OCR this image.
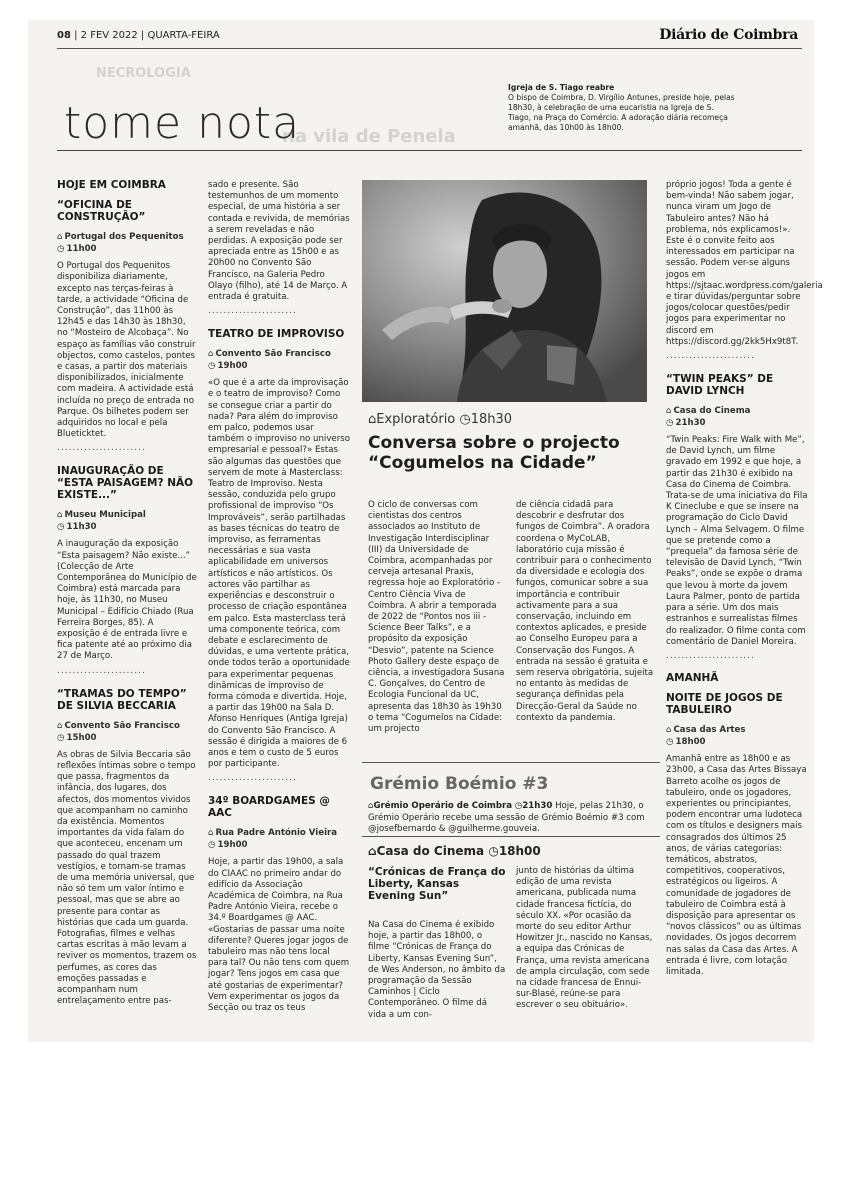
08 | 2 FEV 2022 | QUARTA-FEIRA	Diário de Coimbra
NECROLOGIA
na vila de Penela
tome nota
Igreja de S. Tiago reabre
O bispo de Coimbra, D. Virgílio Antunes, preside hoje, pelas 18h30, à celebração de uma eucaristia na Igreja de S. Tiago, na Praça do Comércio. A adoração diária recomeça amanhã, das 10h00 às 18h00.
HOJE EM COIMBRA
“OFICINA DE CONSTRUÇÃO”
⌂ Portugal dos Pequenitos
◷ 11h00
O Portugal dos Pequenitos disponibiliza diariamente, excepto nas terças-feiras à tarde, a actividade “Oficina de Construção”, das 11h00 às 12h45 e das 14h30 às 18h30, no “Mosteiro de Alcobaça”. No espaço as famílias vão construir objectos, como castelos, pontes e casas, a partir dos materiais disponibilizados, inicialmente com madeira. A actividade está incluída no preço de entrada no Parque. Os bilhetes podem ser adquiridos no local e pela Blueticktet.
.......................
INAUGURAÇÃO DE “ESTA PAISAGEM? NÃO EXISTE...”
⌂ Museu Municipal
◷ 11h30
A inauguração da exposição “Esta paisagem? Não existe...” (Colecção de Arte Contemporânea do Município de Coimbra) está marcada para hoje, às 11h30, no Museu Municipal – Edifício Chiado (Rua Ferreira Borges, 85). A exposição é de entrada livre e fica patente até ao próximo dia 27 de Março.
.......................
“TRAMAS DO TEMPO” DE SILVIA BECCARIA
⌂ Convento São Francisco
◷ 15h00
As obras de Silvia Beccaria são reflexões íntimas sobre o tempo que passa, fragmentos da infância, dos lugares, dos afectos, dos momentos vividos que acompanham no caminho da existência. Momentos importantes da vida falam do que aconteceu, encenam um passado do qual trazem vestígios, e tornam-se tramas de uma memória universal, que não só tem um valor íntimo e pessoal, mas que se abre ao presente para contar as histórias que cada um guarda. Fotografias, filmes e velhas cartas escritas à mão levam a reviver os momentos, trazem os perfumes, as cores das emoções passadas e acompanham num entrelaçamento entre pas-
sado e presente. São testemunhos de um momento especial, de uma história a ser contada e revivida, de memórias a serem reveladas e não perdidas. A exposição pode ser apreciada entre as 15h00 e as 20h00 no Convento São Francisco, na Galeria Pedro Olayo (filho), até 14 de Março. A entrada é gratuita.
.......................
TEATRO DE IMPROVISO
⌂ Convento São Francisco
◷ 19h00
«O que é a arte da improvisação e o teatro de improviso? Como se consegue criar a partir do nada? Para além do improviso em palco, podemos usar também o improviso no universo empresarial e pessoal?» Estas são algumas das questões que servem de mote à Masterclass: Teatro de Improviso. Nesta sessão, conduzida pelo grupo profissional de improviso “Os Improváveis”, serão partilhadas as bases técnicas do teatro de improviso, as ferramentas necessárias e sua vasta aplicabilidade em universos artísticos e não artísticos. Os actores vão partilhar as experiências e desconstruir o processo de criação espontânea em palco. Esta masterclass terá uma componente teórica, com debate e esclarecimento de dúvidas, e uma vertente prática, onde todos terão a oportunidade para experimentar pequenas dinâmicas de improviso de forma cómoda e divertida. Hoje, a partir das 19h00 na Sala D. Afonso Henriques (Antiga Igreja) do Convento São Francisco. A sessão é dirigida a maiores de 6 anos e tem o custo de 5 euros por participante.
.......................
34º BOARDGAMES @ AAC
⌂ Rua Padre António Vieira
◷ 19h00
Hoje, a partir das 19h00, a sala do CIAAC no primeiro andar do edifício da Associação Académica de Coimbra, na Rua Padre António Vieira, recebe o 34.º Boardgames @ AAC. «Gostarias de passar uma noite diferente? Queres jogar jogos de tabuleiro mas não tens local para tal? Ou não tens com quem jogar? Tens jogos em casa que até gostarias de experimentar? Vem experimentar os jogos da Secção ou traz os teus
⌂Exploratório ◷18h30
Conversa sobre o projecto “Cogumelos na Cidade”
O ciclo de conversas com cientistas dos centros associados ao Instituto de Investigação Interdisciplinar (III) da Universidade de Coimbra, acompanhadas por cerveja artesanal Praxis, regressa hoje ao Exploratório - Centro Ciência Viva de Coimbra. A abrir a temporada de 2022 de “Pontos nos iii - Science Beer Talks”, e a propósito da exposição “Desvio”, patente na Science Photo Gallery deste espaço de ciência, a investigadora Susana C. Gonçalves, do Centro de Ecologia Funcional da UC, apresenta das 18h30 às 19h30 o tema “Cogumelos na Cidade: um projecto
de ciência cidadã para descobrir e desfrutar dos fungos de Coimbra”. A oradora coordena o MyCoLAB, laboratório cuja missão é contribuir para o conhecimento da diversidade e ecologia dos fungos, comunicar sobre a sua importância e contribuir activamente para a sua conservação, incluindo em contextos aplicados, e preside ao Conselho Europeu para a Conservação dos Fungos. A entrada na sessão é gratuita e sem reserva obrigatória, sujeita no entanto às medidas de segurança definidas pela Direcção-Geral da Saúde no contexto da pandemia.
Grémio Boémio #3
⌂Grémio Operário de Coimbra ◷21h30 Hoje, pelas 21h30, o Grémio Operário recebe uma sessão de Grémio Boémio #3 com @josefbernardo & @guilherme.gouveia.
⌂Casa do Cinema ◷18h00
“Crónicas de França do Liberty, Kansas Evening Sun”
Na Casa do Cinema é exibido hoje, a partir das 18h00, o filme “Crónicas de França do Liberty, Kansas Evening Sun”, de Wes Anderson, no âmbito da programação da Sessão Caminhos | Ciclo Contemporâneo. O filme dá vida a um con-
junto de histórias da última edição de uma revista americana, publicada numa cidade francesa fictícia, do século XX. «Por ocasião da morte do seu editor Arthur Howitzer Jr., nascido no Kansas, a equipa das Crónicas de França, uma revista americana de ampla circulação, com sede na cidade francesa de Ennui-sur-Blasé, reúne-se para escrever o seu obituário».
próprio jogos! Toda a gente é bem-vinda! Não sabem jogar, nunca viram um Jogo de Tabuleiro antes? Não há problema, nós explicamos!». Este é o convite feito aos interessados em participar na sessão. Podem ver-se alguns jogos em https://sjtaac.wordpress.com/galeria e tirar dúvidas/perguntar sobre jogos/colocar questões/pedir jogos para experimentar no discord em https://discord.gg/2kk5Hx9t8T.
.......................
“TWIN PEAKS” DE DAVID LYNCH
⌂ Casa do Cinema
◷ 21h30
“Twin Peaks: Fire Walk with Me”, de David Lynch, um filme gravado em 1992 e que hoje, a partir das 21h30 é exibido na Casa do Cinema de Coimbra. Trata-se de uma iniciativa do Fila K Cineclube e que se insere na programação do Ciclo David Lynch – Alma Selvagem. O filme que se pretende como a “prequela” da famosa série de televisão de David Lynch, “Twin Peaks”, onde se expõe o drama que levou à morte da jovem Laura Palmer, ponto de partida para a série. Um dos mais estranhos e surrealistas filmes do realizador. O filme conta com comentário de Daniel Moreira.
.......................
AMANHÃ
NOITE DE JOGOS DE TABULEIRO
⌂ Casa das Artes
◷ 18h00
Amanhã entre as 18h00 e as 23h00, a Casa das Artes Bissaya Barreto acolhe os jogos de tabuleiro, onde os jogadores, experientes ou principiantes, podem encontrar uma ludoteca com os títulos e designers mais consagrados dos últimos 25 anos, de várias categorias: temáticos, abstratos, competitivos, cooperativos, estratégicos ou ligeiros. A comunidade de jogadores de tabuleiro de Coimbra está à disposição para apresentar os “novos clássicos” ou as últimas novidades. Os jogos decorrem nas salas da Casa das Artes. A entrada é livre, com lotação limitada.
